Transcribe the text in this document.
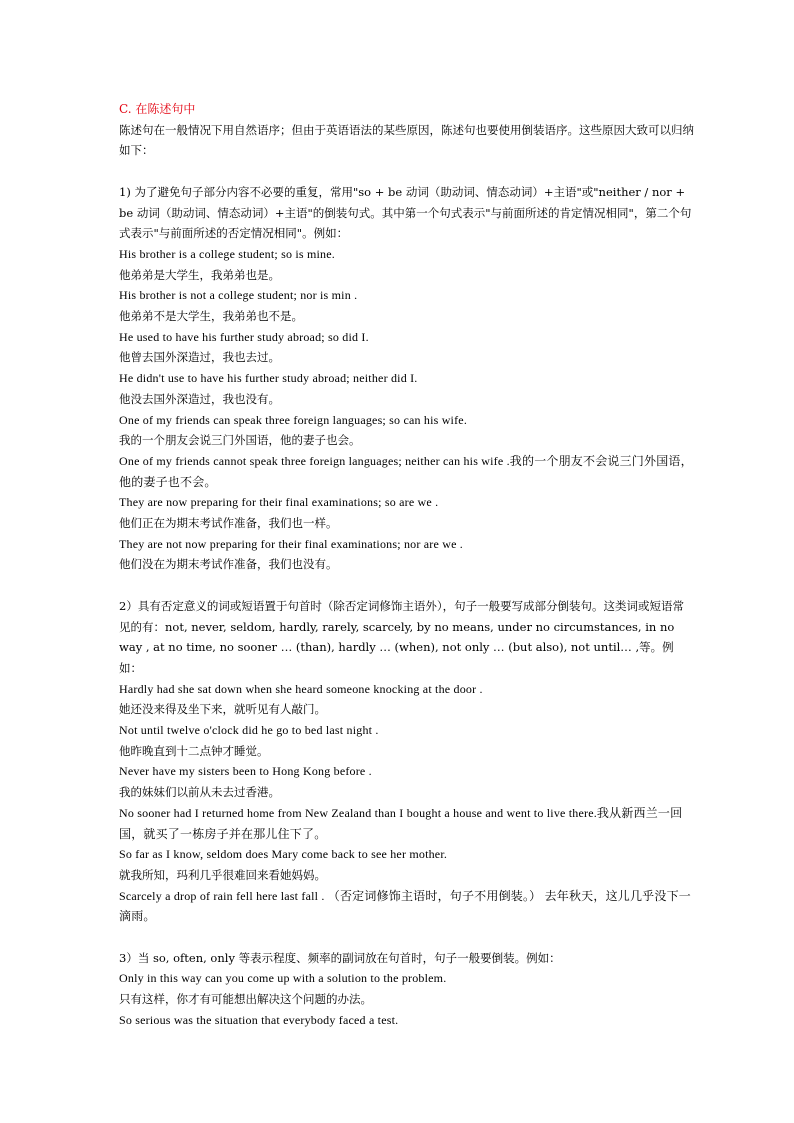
C. 在陈述句中

陈述句在一般情况下用自然语序；但由于英语语法的某些原因，陈述句也要使用倒装语序。这些原因大致可以归纳如下：

1) 为了避免句子部分内容不必要的重复，常用"so + be 动词（助动词、情态动词）+主语"或"neither / nor + be 动词（助动词、情态动词）+主语"的倒装句式。其中第一个句式表示"与前面所述的肯定情况相同"，第二个句式表示"与前面所述的否定情况相同"。例如：

His brother is a college student; so is mine.

他弟弟是大学生，我弟弟也是。

His brother is not a college student; nor is min .

他弟弟不是大学生，我弟弟也不是。

He used to have his further study abroad; so did I.

他曾去国外深造过，我也去过。

He didn't use to have his further study abroad; neither did I.

他没去国外深造过，我也没有。

One of my friends can speak three foreign languages; so can his wife.

我的一个朋友会说三门外国语，他的妻子也会。

One of my friends cannot speak three foreign languages; neither can his wife .我的一个朋友不会说三门外国语，他的妻子也不会。

They are now preparing for their final examinations; so are we .

他们正在为期末考试作准备，我们也一样。

They are not now preparing for their final examinations; nor are we .

他们没在为期末考试作准备，我们也没有。

2）具有否定意义的词或短语置于句首时（除否定词修饰主语外），句子一般要写成部分倒装句。这类词或短语常见的有：not, never, seldom, hardly, rarely, scarcely, by no means, under no circumstances, in no way , at no time, no sooner … (than), hardly … (when), not only … (but also), not until… ,等。例如：

Hardly had she sat down when she heard someone knocking at the door .

她还没来得及坐下来，就听见有人敲门。

Not until twelve o'clock did he go to bed last night .

他昨晚直到十二点钟才睡觉。

Never have my sisters been to Hong Kong before .

我的妹妹们以前从未去过香港。

No sooner had I returned home from New Zealand than I bought a house and went to live there.我从新西兰一回国，就买了一栋房子并在那儿住下了。

So far as I know, seldom does Mary come back to see her mother.

就我所知，玛利几乎很难回来看她妈妈。

Scarcely a drop of rain fell here last fall . （否定词修饰主语时，句子不用倒装。） 去年秋天，这儿几乎没下一滴雨。

3）当 so, often, only 等表示程度、频率的副词放在句首时，句子一般要倒装。例如：

Only in this way can you come up with a solution to the problem.

只有这样，你才有可能想出解决这个问题的办法。

So serious was the situation that everybody faced a test.
